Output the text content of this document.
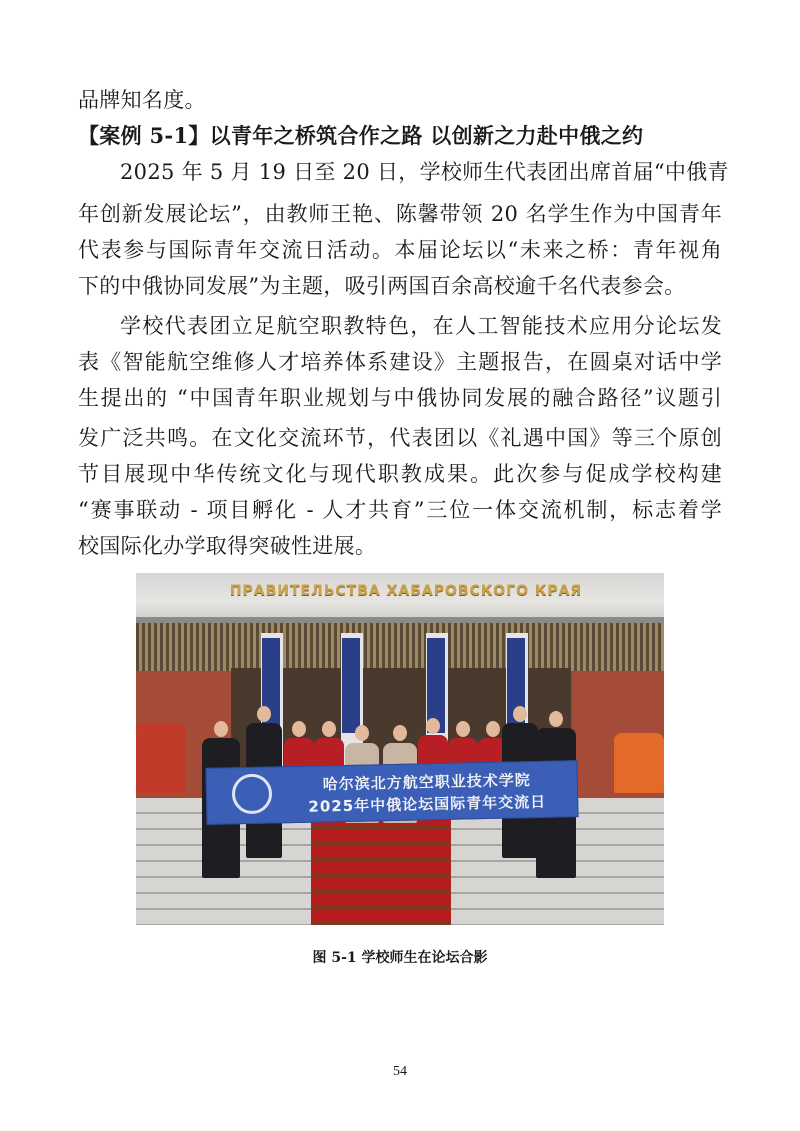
品牌知名度。
【案例 5-1】以青年之桥筑合作之路 以创新之力赴中俄之约
2025 年 5 月 19 日至 20 日，学校师生代表团出席首届“中俄青
年创新发展论坛”，由教师王艳、陈馨带领 20 名学生作为中国青年
代表参与国际青年交流日活动。本届论坛以“未来之桥：青年视角
下的中俄协同发展”为主题，吸引两国百余高校逾千名代表参会。
学校代表团立足航空职教特色，在人工智能技术应用分论坛发
表《智能航空维修人才培养体系建设》主题报告，在圆桌对话中学
生提出的 “中国青年职业规划与中俄协同发展的融合路径”议题引
发广泛共鸣。在文化交流环节，代表团以《礼遇中国》等三个原创
节目展现中华传统文化与现代职教成果。此次参与促成学校构建
“赛事联动 - 项目孵化 - 人才共育”三位一体交流机制，标志着学
校国际化办学取得突破性进展。
ПРАВИТЕЛЬСТВА ХАБАРОВСКОГО КРАЯ
哈尔滨北方航空职业技术学院
2025年中俄论坛国际青年交流日
图 5-1 学校师生在论坛合影
54
